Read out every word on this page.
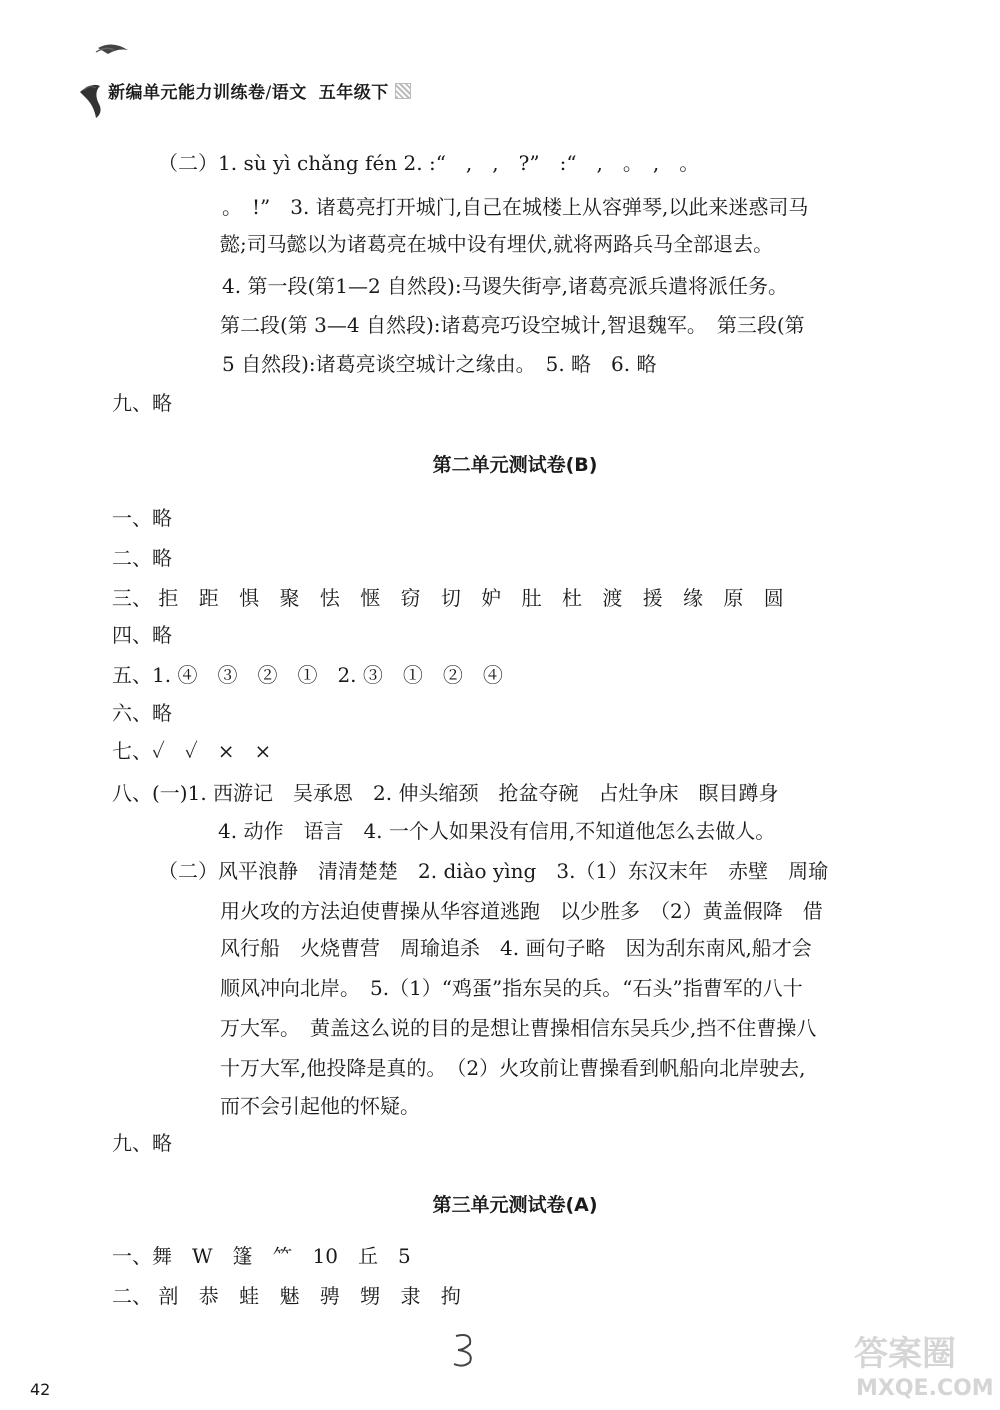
新编单元能力训练卷/语文 五年级下
（二）1. sù yì chǎng fén 2. :“　,　,　?”　:“　,　。　,　。
。　!”　3. 诸葛亮打开城门,自己在城楼上从容弹琴,以此来迷惑司马
懿;司马懿以为诸葛亮在城中设有埋伏,就将两路兵马全部退去。
4. 第一段(第1—2 自然段):马谡失街亭,诸葛亮派兵遣将派任务。
第二段(第 3—4 自然段):诸葛亮巧设空城计,智退魏军。　第三段(第
5 自然段):诸葛亮谈空城计之缘由。　5. 略　6. 略
九、略
第二单元测试卷(B)
一、略
二、略
三、 拒 距 惧 聚 怯 惬 窃 切 妒 肚 杜 渡 援 缘 原 圆
四、略
五、1. ④　③　②　①　2. ③　①　②　④
六、略
七、✓　✓　×　×
八、(一)1. 西游记　吴承恩　2. 伸头缩颈　抢盆夺碗　占灶争床　瞑目蹲身
4. 动作　语言　4. 一个人如果没有信用,不知道他怎么去做人。
（二）风平浪静　清清楚楚　2. diào yìng　3.（1）东汉末年　赤壁　周瑜
用火攻的方法迫使曹操从华容道逃跑　以少胜多　（2）黄盖假降　借
风行船　火烧曹营　周瑜追杀　4. 画句子略　因为刮东南风,船才会
顺风冲向北岸。　5.（1）“鸡蛋”指东吴的兵。“石头”指曹军的八十
万大军。　黄盖这么说的目的是想让曹操相信东吴兵少,挡不住曹操八
十万大军,他投降是真的。　（2）火攻前让曹操看到帆船向北岸驶去,
而不会引起他的怀疑。
九、略
第三单元测试卷(A)
一、舞　W　篷　⺮　10　丘　5
二、 剖 恭 蛙 魅 骋 甥 隶 拘
42
答案圈
MXQE.COM
